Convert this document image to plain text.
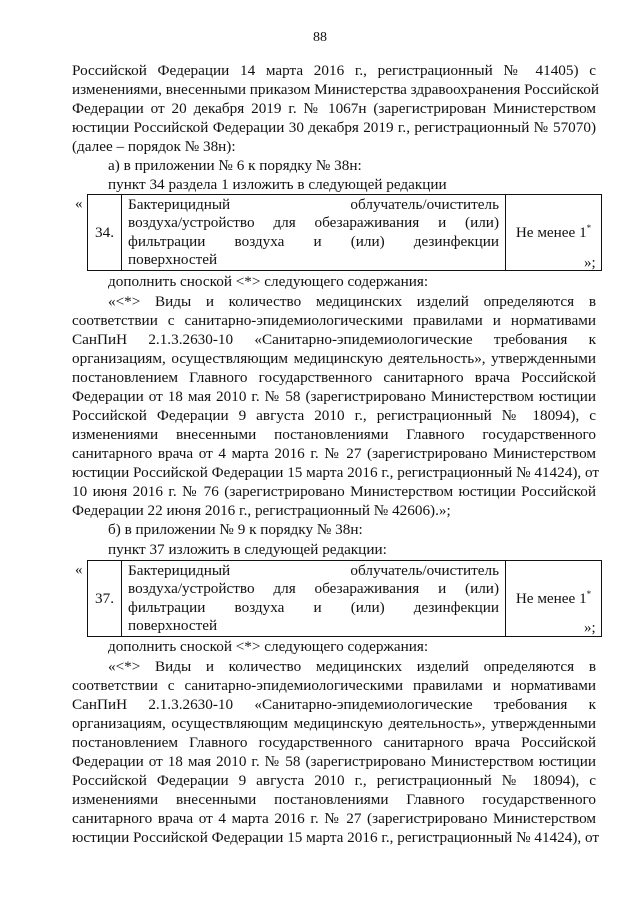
88
Российской Федерации 14 марта 2016 г., регистрационный № 41405) с
изменениями, внесенными приказом Министерства здравоохранения Российской
Федерации от 20 декабря 2019 г. № 1067н (зарегистрирован Министерством
юстиции Российской Федерации 30 декабря 2019 г., регистрационный № 57070)
(далее – порядок № 38н):
а) в приложении № 6 к порядку № 38н:
пункт 34 раздела 1 изложить в следующей редакции
«
34.	
Бактерицидный облучатель/очиститель
воздуха/устройство для обезараживания и (или)
фильтрации воздуха и (или) дезинфекции
поверхностей
	Не менее 1*
»;
дополнить сноской <*> следующего содержания:
«<*> Виды и количество медицинских изделий определяются в
соответствии с санитарно-эпидемиологическими правилами и нормативами
СанПиН 2.1.3.2630-10 «Санитарно-эпидемиологические требования к
организациям, осуществляющим медицинскую деятельность», утвержденными
постановлением Главного государственного санитарного врача Российской
Федерации от 18 мая 2010 г. № 58 (зарегистрировано Министерством юстиции
Российской Федерации 9 августа 2010 г., регистрационный № 18094), с
изменениями внесенными постановлениями Главного государственного
санитарного врача от 4 марта 2016 г. № 27 (зарегистрировано Министерством
юстиции Российской Федерации 15 марта 2016 г., регистрационный № 41424), от
10 июня 2016 г. № 76 (зарегистрировано Министерством юстиции Российской
Федерации 22 июня 2016 г., регистрационный № 42606).»;
б) в приложении № 9 к порядку № 38н:
пункт 37 изложить в следующей редакции:
«
37.	
Бактерицидный облучатель/очиститель
воздуха/устройство для обезараживания и (или)
фильтрации воздуха и (или) дезинфекции
поверхностей
	Не менее 1*
»;
дополнить сноской <*> следующего содержания:
«<*> Виды и количество медицинских изделий определяются в
соответствии с санитарно-эпидемиологическими правилами и нормативами
СанПиН 2.1.3.2630-10 «Санитарно-эпидемиологические требования к
организациям, осуществляющим медицинскую деятельность», утвержденными
постановлением Главного государственного санитарного врача Российской
Федерации от 18 мая 2010 г. № 58 (зарегистрировано Министерством юстиции
Российской Федерации 9 августа 2010 г., регистрационный № 18094), с
изменениями внесенными постановлениями Главного государственного
санитарного врача от 4 марта 2016 г. № 27 (зарегистрировано Министерством
юстиции Российской Федерации 15 марта 2016 г., регистрационный № 41424), от
